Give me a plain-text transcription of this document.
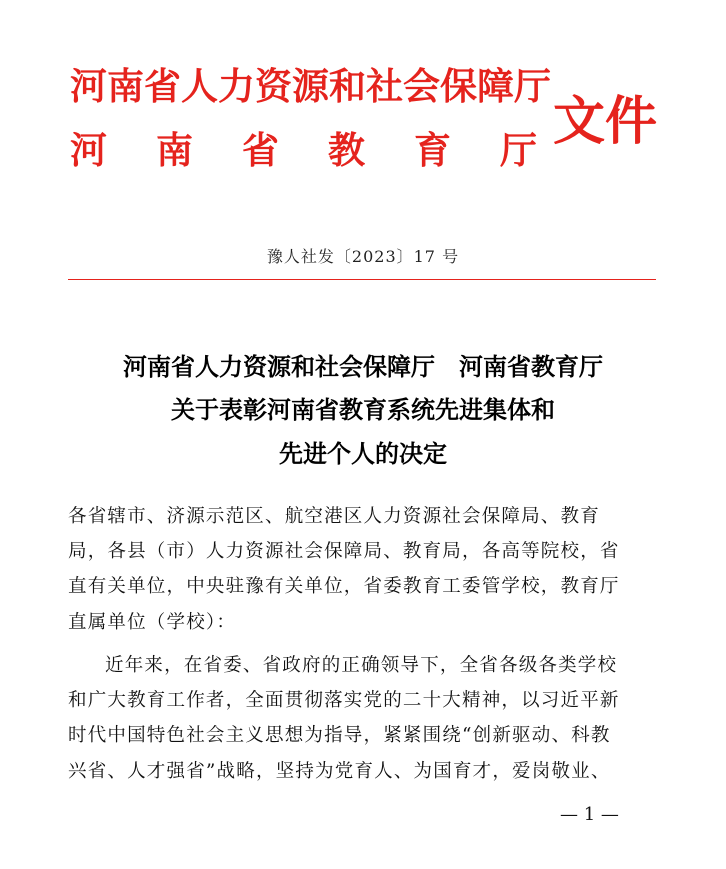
河南省人力资源和社会保障厅
河南省教育厅
文件
豫人社发〔2023〕17 号
河南省人力资源和社会保障厅　河南省教育厅
关于表彰河南省教育系统先进集体和
先进个人的决定
各省辖市、济源示范区、航空港区人力资源社会保障局、教育
局，各县（市）人力资源社会保障局、教育局，各高等院校，省
直有关单位，中央驻豫有关单位，省委教育工委管学校，教育厅
直属单位（学校）：
近年来，在省委、省政府的正确领导下，全省各级各类学校
和广大教育工作者，全面贯彻落实党的二十大精神，以习近平新
时代中国特色社会主义思想为指导，紧紧围绕“创新驱动、科教
兴省、人才强省”战略，坚持为党育人、为国育才，爱岗敬业、
— 1 —
